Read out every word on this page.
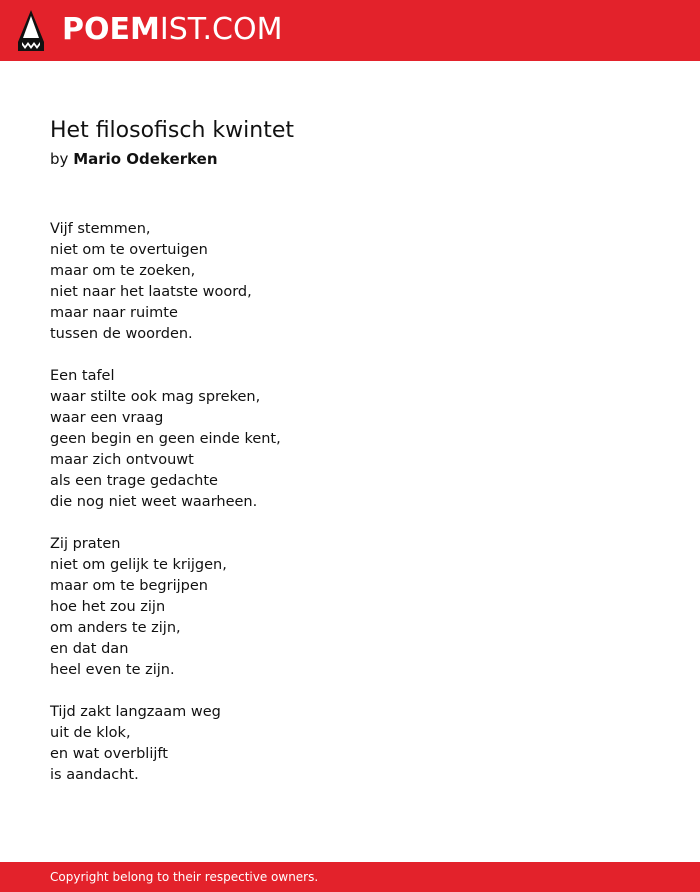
POEMIST.COM
Het filosofisch kwintet
by Mario Odekerken
Vijf stemmen,
niet om te overtuigen
maar om te zoeken,
niet naar het laatste woord,
maar naar ruimte
tussen de woorden.
Een tafel
waar stilte ook mag spreken,
waar een vraag
geen begin en geen einde kent,
maar zich ontvouwt
als een trage gedachte
die nog niet weet waarheen.
Zij praten
niet om gelijk te krijgen,
maar om te begrijpen
hoe het zou zijn
om anders te zijn,
en dat dan
heel even te zijn.
Tijd zakt langzaam weg
uit de klok,
en wat overblijft
is aandacht.
Copyright belong to their respective owners.
